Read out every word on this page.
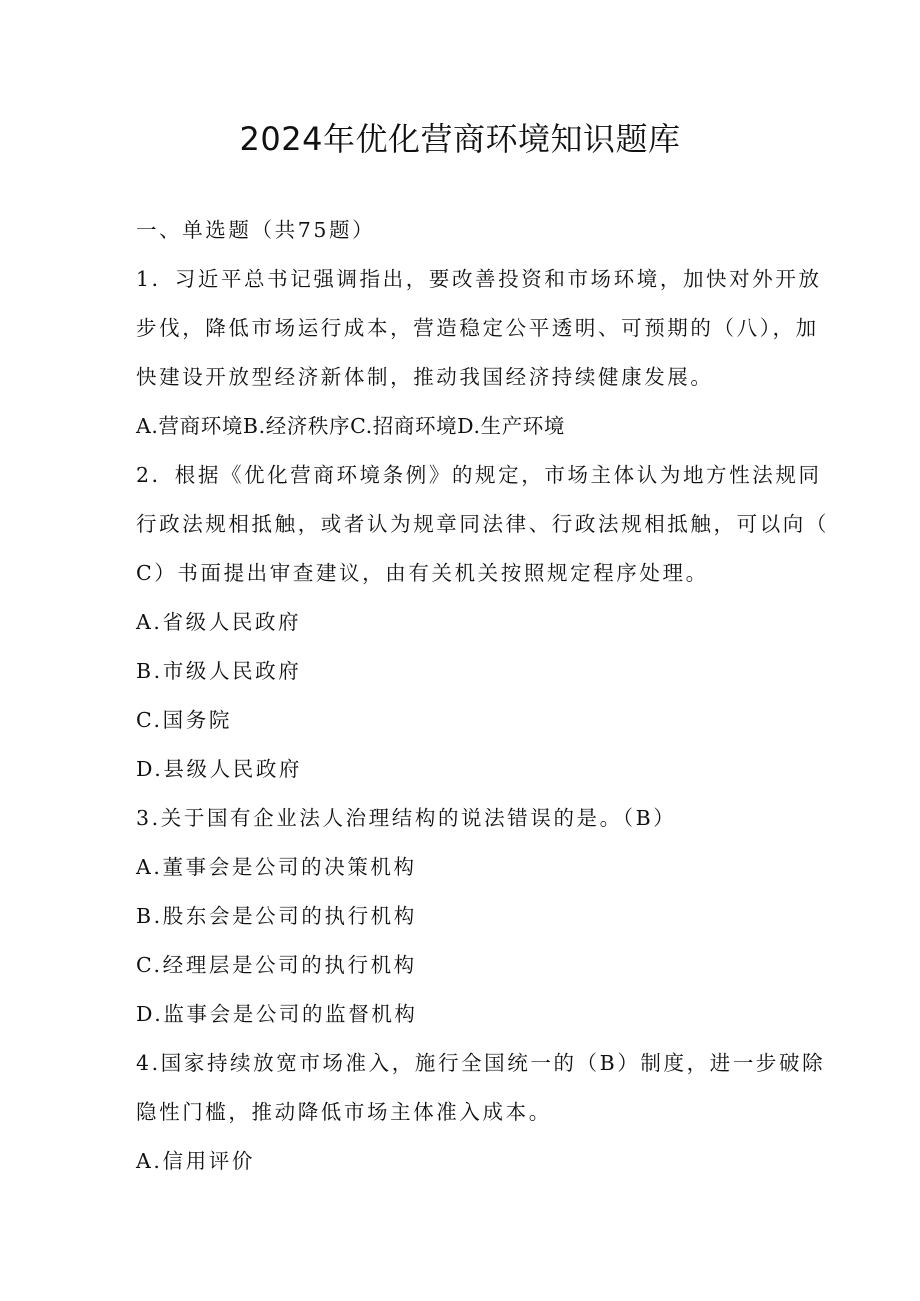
2024年优化营商环境知识题库
一、单选题（共75题）
1．习近平总书记强调指出，要改善投资和市场环境，加快对外开放
步伐，降低市场运行成本，营造稳定公平透明、可预期的（八），加
快建设开放型经济新体制，推动我国经济持续健康发展。
A.营商环境B.经济秩序C.招商环境D.生产环境
2．根据《优化营商环境条例》的规定，市场主体认为地方性法规同
行政法规相抵触，或者认为规章同法律、行政法规相抵触，可以向（
C）书面提出审查建议，由有关机关按照规定程序处理。
A.省级人民政府
B.市级人民政府
C.国务院
D.县级人民政府
3.关于国有企业法人治理结构的说法错误的是。（B）
A.董事会是公司的决策机构
B.股东会是公司的执行机构
C.经理层是公司的执行机构
D.监事会是公司的监督机构
4.国家持续放宽市场准入，施行全国统一的（B）制度，进一步破除
隐性门槛，推动降低市场主体准入成本。
A.信用评价
